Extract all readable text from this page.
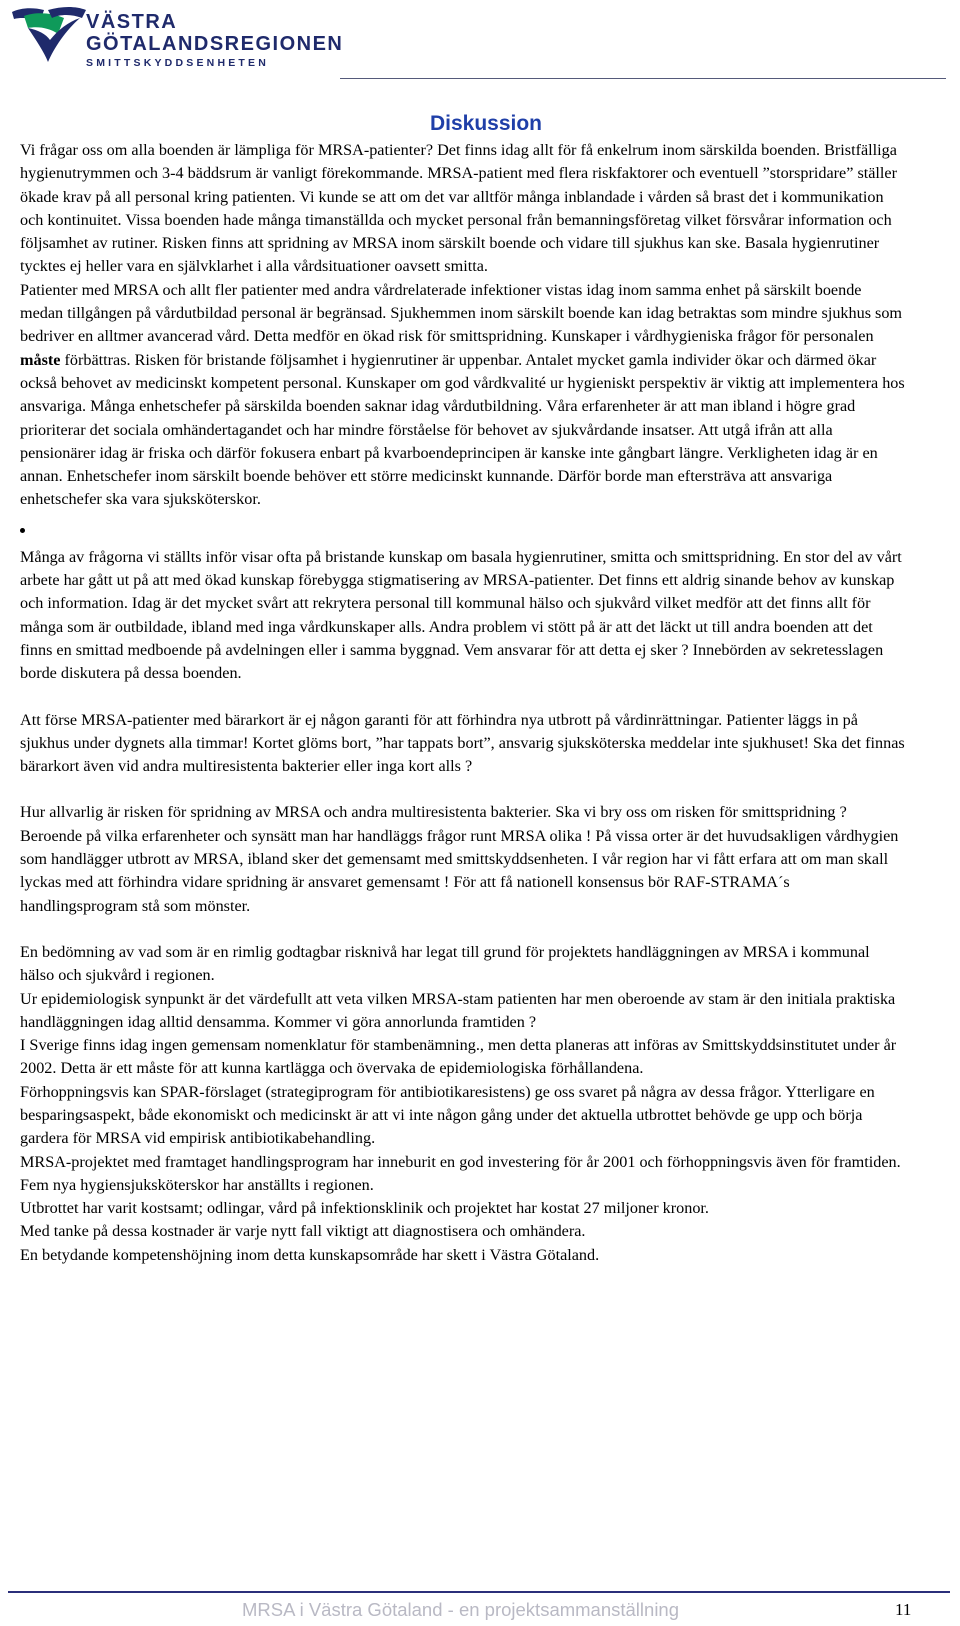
VÄSTRA
GÖTALANDSREGIONEN
SMITTSKYDDSENHETEN
Diskussion

Vi frågar oss om alla boenden är lämpliga för MRSA-patienter? Det finns idag allt för få enkelrum inom särskilda boenden. Bristfälliga hygienutrymmen och 3-4 bäddsrum är vanligt förekommande. MRSA-patient med flera riskfaktorer och eventuell ”storspridare” ställer ökade krav på all personal kring patienten. Vi kunde se att om det var alltför många inblandade i vården så brast det i kommunikation och kontinuitet. Vissa boenden hade många timanställda och mycket personal från bemanningsföretag vilket försvårar information och följsamhet av rutiner. Risken finns att spridning av MRSA inom särskilt boende och vidare till sjukhus kan ske. Basala hygienrutiner tycktes ej heller vara en självklarhet i alla vårdsituationer oavsett smitta.
Patienter med MRSA och allt fler patienter med andra vårdrelaterade infektioner vistas idag inom samma enhet på särskilt boende medan tillgången på vårdutbildad personal är begränsad. Sjukhemmen inom särskilt boende kan idag betraktas som mindre sjukhus som bedriver en alltmer avancerad vård. Detta medför en ökad risk för smittspridning. Kunskaper i vårdhygieniska frågor för personalen måste förbättras. Risken för bristande följsamhet i hygienrutiner är uppenbar. Antalet mycket gamla individer ökar och därmed ökar också behovet av medicinskt kompetent personal. Kunskaper om god vårdkvalité ur hygieniskt perspektiv är viktig att implementera hos ansvariga. Många enhetschefer på särskilda boenden saknar idag vårdutbildning. Våra erfarenheter är att man ibland i högre grad prioriterar det sociala omhändertagandet och har mindre förståelse för behovet av sjukvårdande insatser. Att utgå ifrån att alla pensionärer idag är friska och därför fokusera enbart på kvarboendeprincipen är kanske inte gångbart längre. Verkligheten idag är en annan. Enhetschefer inom särskilt boende behöver ett större medicinskt kunnande. Därför borde man eftersträva att ansvariga enhetschefer ska vara sjuksköterskor.

Många av frågorna vi ställts inför visar ofta på bristande kunskap om basala hygienrutiner, smitta och smittspridning. En stor del av vårt arbete har gått ut på att med ökad kunskap förebygga stigmatisering av MRSA-patienter. Det finns ett aldrig sinande behov av kunskap och information. Idag är det mycket svårt att rekrytera personal till kommunal hälso och sjukvård vilket medför att det finns allt för många som är outbildade, ibland med inga vårdkunskaper alls. Andra problem vi stött på är att det läckt ut till andra boenden att det finns en smittad medboende på avdelningen eller i samma byggnad. Vem ansvarar för att detta ej sker ? Innebörden av sekretesslagen borde diskutera på dessa boenden.

Att förse MRSA-patienter med bärarkort är ej någon garanti för att förhindra nya utbrott på vårdinrättningar. Patienter läggs in på sjukhus under dygnets alla timmar! Kortet glöms bort, ”har tappats bort”, ansvarig sjuksköterska meddelar inte sjukhuset! Ska det finnas bärarkort även vid andra multiresistenta bakterier eller inga kort alls ?

Hur allvarlig är risken för spridning av MRSA och andra multiresistenta bakterier. Ska vi bry oss om risken för smittspridning ? Beroende på vilka erfarenheter och synsätt man har handläggs frågor runt MRSA olika ! På vissa orter är det huvudsakligen vårdhygien som handlägger utbrott av MRSA, ibland sker det gemensamt med smittskyddsenheten. I vår region har vi fått erfara att om man skall lyckas med att förhindra vidare spridning är ansvaret gemensamt ! För att få nationell konsensus bör RAF-STRAMA´s handlingsprogram stå som mönster.

En bedömning av vad som är en rimlig godtagbar risknivå har legat till grund för projektets handläggningen av MRSA i kommunal hälso och sjukvård i regionen.
Ur epidemiologisk synpunkt är det värdefullt att veta vilken MRSA-stam patienten har men oberoende av stam är den initiala praktiska handläggningen idag alltid densamma. Kommer vi göra annorlunda framtiden ?
I Sverige finns idag ingen gemensam nomenklatur för stambenämning., men detta planeras att införas av Smittskyddsinstitutet under år 2002. Detta är ett måste för att kunna kartlägga och övervaka de epidemiologiska förhållandena.
Förhoppningsvis kan SPAR-förslaget (strategiprogram för antibiotikaresistens) ge oss svaret på några av dessa frågor. Ytterligare en besparingsaspekt, både ekonomiskt och medicinskt är att vi inte någon gång under det aktuella utbrottet behövde ge upp och börja gardera för MRSA vid empirisk antibiotikabehandling.
MRSA-projektet med framtaget handlingsprogram har inneburit en god investering för år 2001 och förhoppningsvis även för framtiden. Fem nya hygiensjuksköterskor har anställts i regionen.
Utbrottet har varit kostsamt; odlingar, vård på infektionsklinik och projektet har kostat 27 miljoner kronor.
Med tanke på dessa kostnader är varje nytt fall viktigt att diagnostisera och omhändera.
En betydande kompetenshöjning inom detta kunskapsområde har skett i Västra Götaland.

MRSA i Västra Götaland - en projektsammanställning	11
